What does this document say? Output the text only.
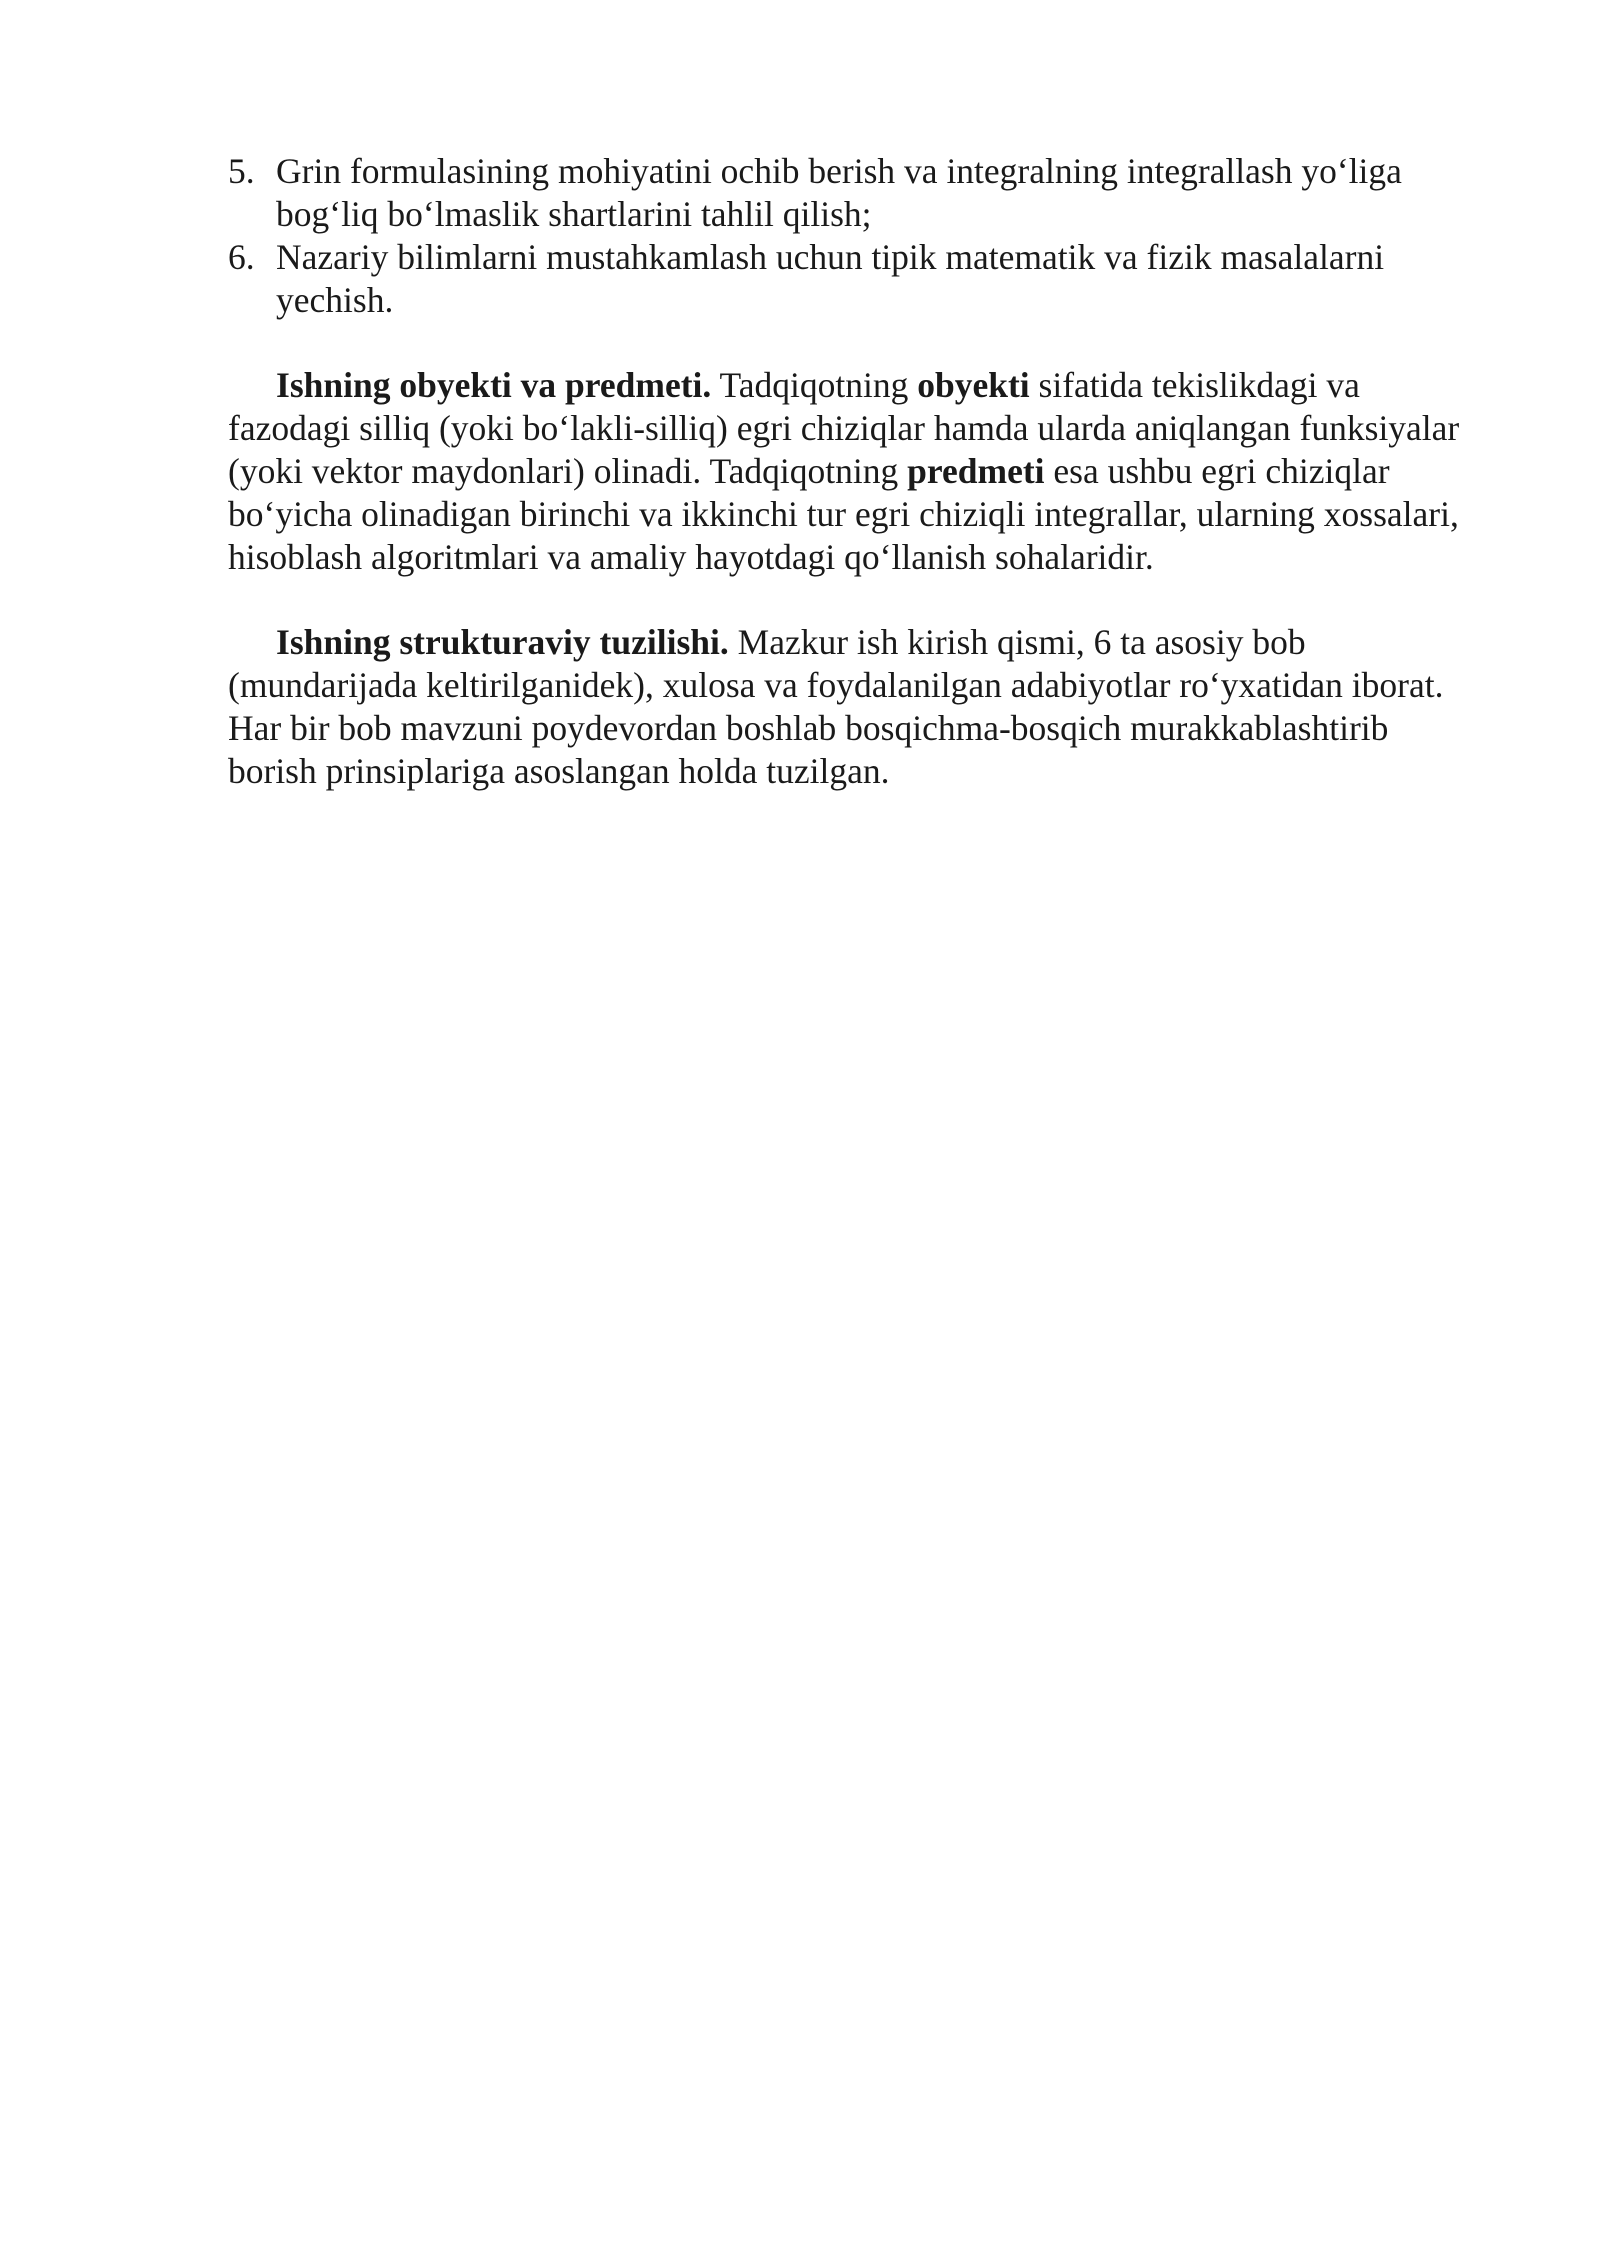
5. Grin formulasining mohiyatini ochib berish va integralning integrallash yo‘liga bog‘liq bo‘lmaslik shartlarini tahlil qilish;
6. Nazariy bilimlarni mustahkamlash uchun tipik matematik va fizik masalalarni yechish.

Ishning obyekti va predmeti. Tadqiqotning obyekti sifatida tekislikdagi va fazodagi silliq (yoki bo‘lakli-silliq) egri chiziqlar hamda ularda aniqlangan funksiyalar (yoki vektor maydonlari) olinadi. Tadqiqotning predmeti esa ushbu egri chiziqlar bo‘yicha olinadigan birinchi va ikkinchi tur egri chiziqli integrallar, ularning xossalari, hisoblash algoritmlari va amaliy hayotdagi qo‘llanish sohalaridir.

Ishning strukturaviy tuzilishi. Mazkur ish kirish qismi, 6 ta asosiy bob (mundarijada keltirilganidek), xulosa va foydalanilgan adabiyotlar ro‘yxatidan iborat. Har bir bob mavzuni poydevordan boshlab bosqichma-bosqich murakkablashtirib borish prinsiplariga asoslangan holda tuzilgan.
